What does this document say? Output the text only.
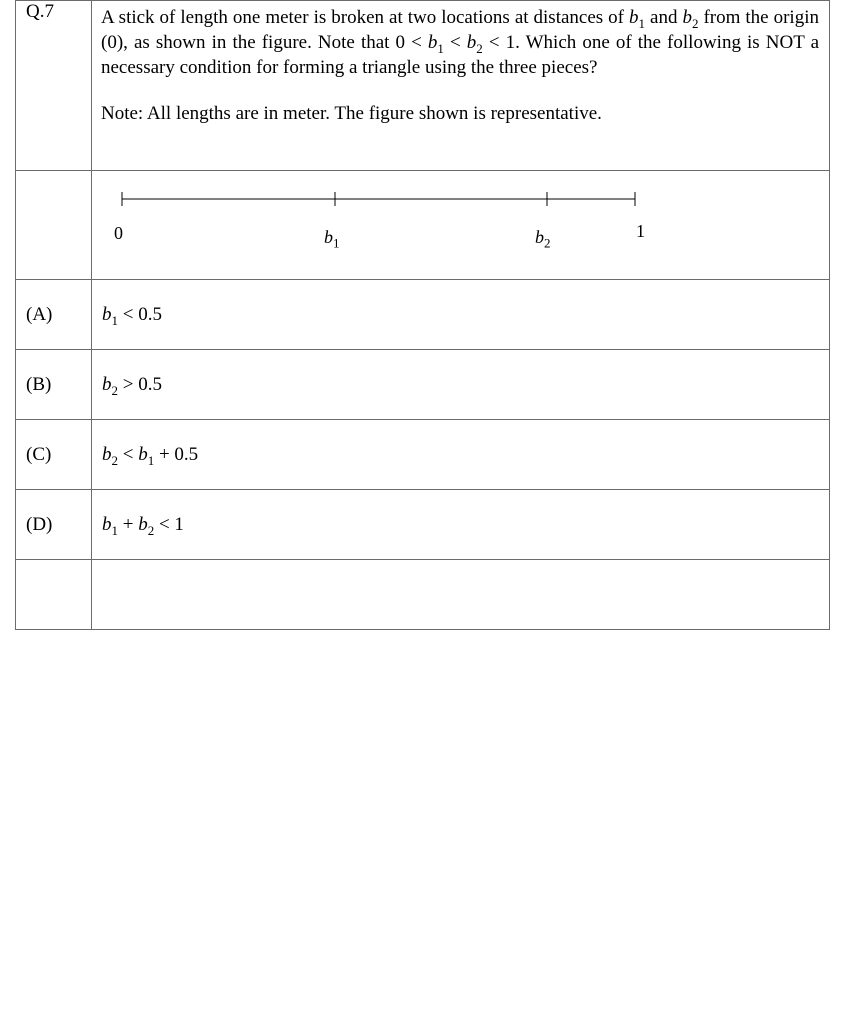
Q.7	A stick of length one meter is broken at two locations at distances of $b_1$ and $b_2$ from the origin (0), as shown in the figure. Note that $0 < b_1 < b_2 < 1$. Which one of the following is NOT a necessary condition for forming a triangle using the three pieces?

Note: All lengths are in meter. The figure shown is representative.

	0 $b_1$ $b_2$
1

(A)	$b_1 < 0.5$

(B)	$b_2 > 0.5$

(C)	$b_2 < b_1 + 0.5$

(D)	$b_1 + b_2 < 1$
